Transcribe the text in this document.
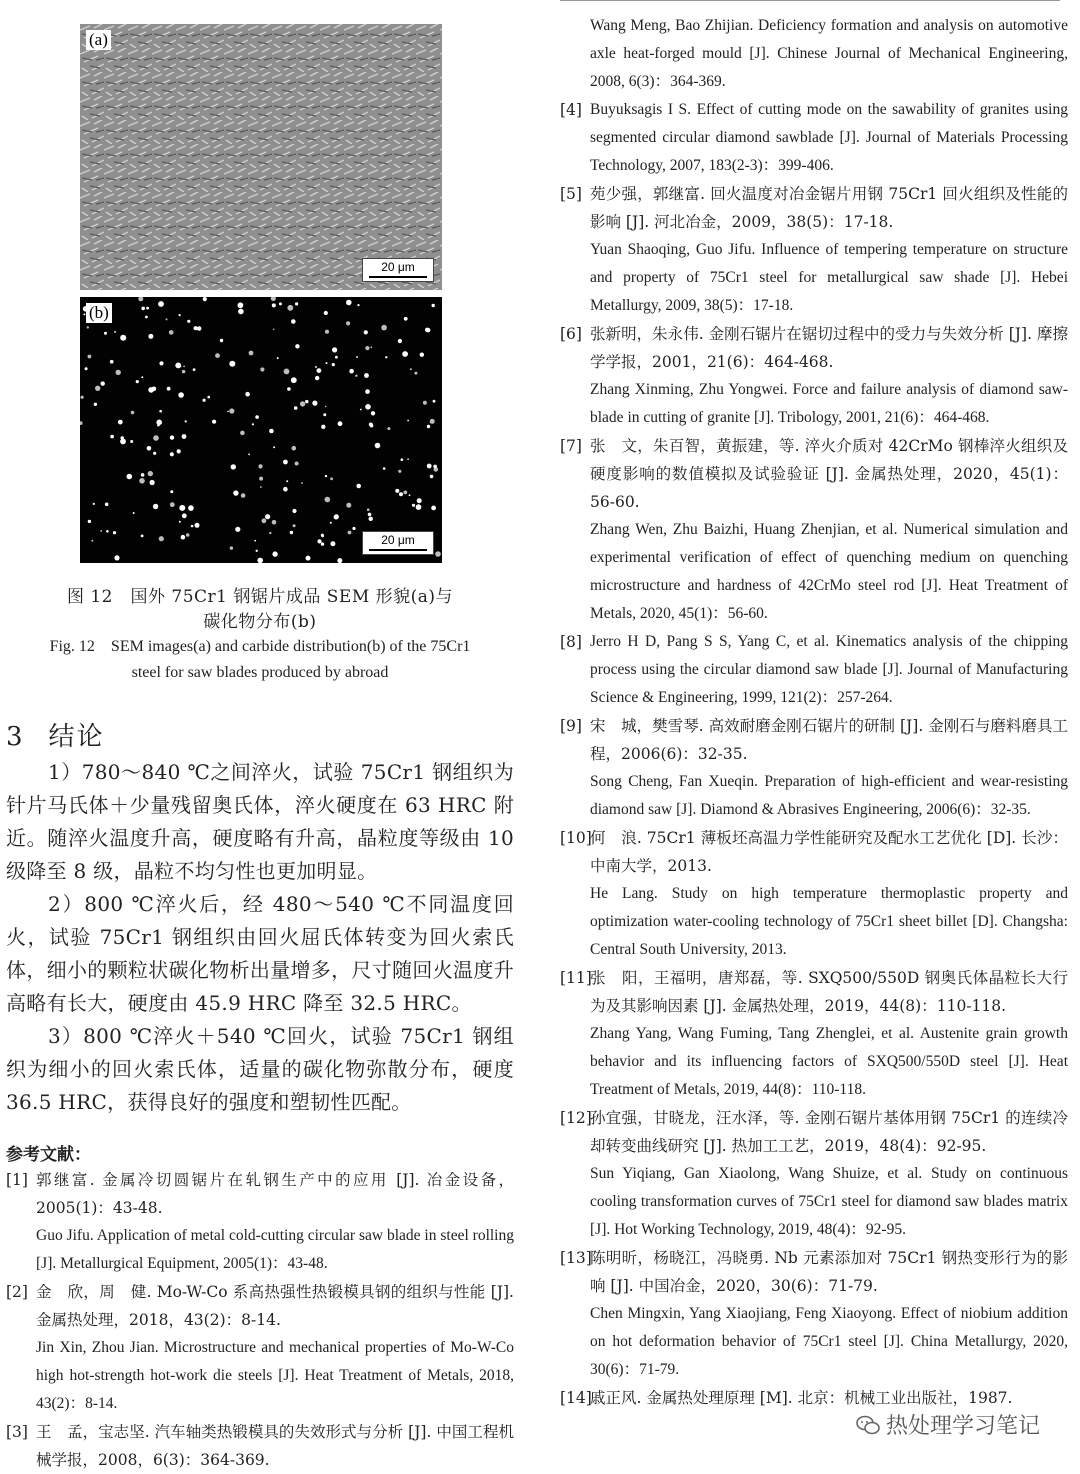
(a)
20 μm
(b)
20 μm
图 12　国外 75Cr1 钢锯片成品 SEM 形貌(a)与
碳化物分布(b)
Fig. 12　SEM images(a) and carbide distribution(b) of the 75Cr1
steel for saw blades produced by abroad
3 结论

1）780～840 ℃之间淬火，试验 75Cr1 钢组织为针片马氏体＋少量残留奥氏体，淬火硬度在 63 HRC 附近。随淬火温度升高，硬度略有升高，晶粒度等级由 10 级降至 8 级，晶粒不均匀性也更加明显。

2）800 ℃淬火后，经 480～540 ℃不同温度回火，试验 75Cr1 钢组织由回火屈氏体转变为回火索氏体，细小的颗粒状碳化物析出量增多，尺寸随回火温度升高略有长大，硬度由 45.9 HRC 降至 32.5 HRC。

3）800 ℃淬火＋540 ℃回火，试验 75Cr1 钢组织为细小的回火索氏体，适量的碳化物弥散分布，硬度 36.5 HRC，获得良好的强度和塑韧性匹配。

参考文献：
[1] 郭继富. 金属冷切圆锯片在轧钢生产中的应用 [J]. 冶金设备，2005(1)：43-48.
Guo Jifu. Application of metal cold-cutting circular saw blade in steel rolling [J]. Metallurgical Equipment, 2005(1)：43-48.
[2] 金　欣，周　健. Mo-W-Co 系高热强性热锻模具钢的组织与性能 [J]. 金属热处理，2018，43(2)：8-14.
Jin Xin, Zhou Jian. Microstructure and mechanical properties of Mo-W-Co high hot-strength hot-work die steels [J]. Heat Treatment of Metals, 2018, 43(2)：8-14.
[3] 王　孟，宝志坚. 汽车轴类热锻模具的失效形式与分析 [J]. 中国工程机械学报，2008，6(3)：364-369.
Wang Meng, Bao Zhijian. Deficiency formation and analysis on automotive axle heat-forged mould [J]. Chinese Journal of Mechanical Engineering, 2008, 6(3)：364-369.
[4] Buyuksagis I S. Effect of cutting mode on the sawability of granites using segmented circular diamond sawblade [J]. Journal of Materials Processing Technology, 2007, 183(2-3)：399-406.
[5] 苑少强，郭继富. 回火温度对冶金锯片用钢 75Cr1 回火组织及性能的影响 [J]. 河北冶金，2009，38(5)：17-18.
Yuan Shaoqing, Guo Jifu. Influence of tempering temperature on structure and property of 75Cr1 steel for metallurgical saw shade [J]. Hebei Metallurgy, 2009, 38(5)：17-18.
[6] 张新明，朱永伟. 金刚石锯片在锯切过程中的受力与失效分析 [J]. 摩擦学学报，2001，21(6)：464-468.
Zhang Xinming, Zhu Yongwei. Force and failure analysis of diamond saw-blade in cutting of granite [J]. Tribology, 2001, 21(6)：464-468.
[7] 张　文，朱百智，黄振建，等. 淬火介质对 42CrMo 钢棒淬火组织及硬度影响的数值模拟及试验验证 [J]. 金属热处理，2020，45(1)：56-60.
Zhang Wen, Zhu Baizhi, Huang Zhenjian, et al. Numerical simulation and experimental verification of effect of quenching medium on quenching microstructure and hardness of 42CrMo steel rod [J]. Heat Treatment of Metals, 2020, 45(1)：56-60.
[8] Jerro H D, Pang S S, Yang C, et al. Kinematics analysis of the chipping process using the circular diamond saw blade [J]. Journal of Manufacturing Science & Engineering, 1999, 121(2)：257-264.
[9] 宋　城，樊雪琴. 高效耐磨金刚石锯片的研制 [J]. 金刚石与磨料磨具工程，2006(6)：32-35.
Song Cheng, Fan Xueqin. Preparation of high-efficient and wear-resisting diamond saw [J]. Diamond & Abrasives Engineering, 2006(6)：32-35.
[10]
何　浪. 75Cr1 薄板坯高温力学性能研究及配水工艺优化 [D]. 长沙：中南大学，2013.
He Lang. Study on high temperature thermoplastic property and optimization water-cooling technology of 75Cr1 sheet billet [D]. Changsha: Central South University, 2013.
[11]
张　阳，王福明，唐郑磊，等. SXQ500/550D 钢奥氏体晶粒长大行为及其影响因素 [J]. 金属热处理，2019，44(8)：110-118.
Zhang Yang, Wang Fuming, Tang Zhenglei, et al. Austenite grain growth behavior and its influencing factors of SXQ500/550D steel [J]. Heat Treatment of Metals, 2019, 44(8)：110-118.
[12]
孙宜强，甘晓龙，汪水泽，等. 金刚石锯片基体用钢 75Cr1 的连续冷却转变曲线研究 [J]. 热加工工艺，2019，48(4)：92-95.
Sun Yiqiang, Gan Xiaolong, Wang Shuize, et al. Study on continuous cooling transformation curves of 75Cr1 steel for diamond saw blades matrix [J]. Hot Working Technology, 2019, 48(4)：92-95.
[13]
陈明昕，杨晓江，冯晓勇. Nb 元素添加对 75Cr1 钢热变形行为的影响 [J]. 中国冶金，2020，30(6)：71-79.
Chen Mingxin, Yang Xiaojiang, Feng Xiaoyong. Effect of niobium addition on hot deformation behavior of 75Cr1 steel [J]. China Metallurgy, 2020, 30(6)：71-79.
[14]
戚正风. 金属热处理原理 [M]. 北京：机械工业出版社，1987.
热处理学习笔记
